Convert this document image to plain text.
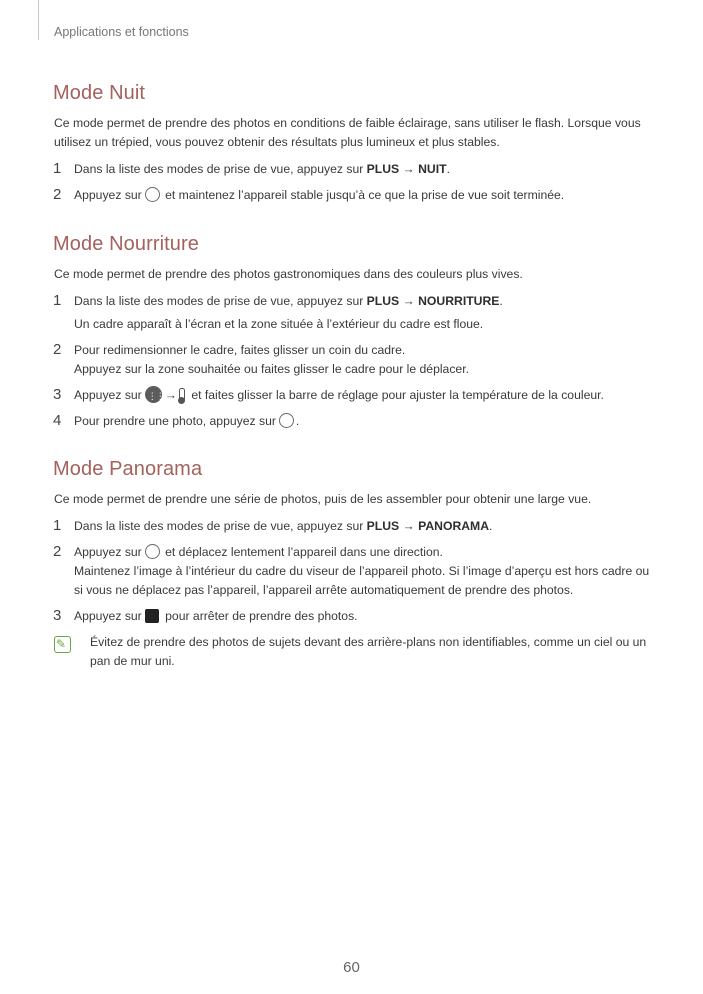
Applications et fonctions
Mode Nuit

Ce mode permet de prendre des photos en conditions de faible éclairage, sans utiliser le flash. Lorsque vous utilisez un trépied, vous pouvez obtenir des résultats plus lumineux et plus stables.

1 Dans la liste des modes de prise de vue, appuyez sur PLUS → NUIT.
2 Appuyez sur et maintenez l’appareil stable jusqu’à ce que la prise de vue soit terminée.
Mode Nourriture

Ce mode permet de prendre des photos gastronomiques dans des couleurs plus vives.

1 Dans la liste des modes de prise de vue, appuyez sur PLUS → NOURRITURE.
Un cadre apparaît à l’écran et la zone située à l’extérieur du cadre est floue.
2 Pour redimensionner le cadre, faites glisser un coin du cadre.
Appuyez sur la zone souhaitée ou faites glisser le cadre pour le déplacer.
3 Appuyez sur⋮⋮ → et faites glisser la barre de réglage pour ajuster la température de la couleur.
4 Pour prendre une photo, appuyez sur .
Mode Panorama

Ce mode permet de prendre une série de photos, puis de les assembler pour obtenir une large vue.

1 Dans la liste des modes de prise de vue, appuyez sur PLUS → PANORAMA.
2 Appuyez sur et déplacez lentement l’appareil dans une direction.
Maintenez l’image à l’intérieur du cadre du viseur de l’appareil photo. Si l’image d’aperçu est hors cadre ou si vous ne déplacez pas l’appareil, l’appareil arrête automatiquement de prendre des photos.
3 Appuyez sur pour arrêter de prendre des photos.
✎
Évitez de prendre des photos de sujets devant des arrière-plans non identifiables, comme un ciel ou un pan de mur uni.
60
